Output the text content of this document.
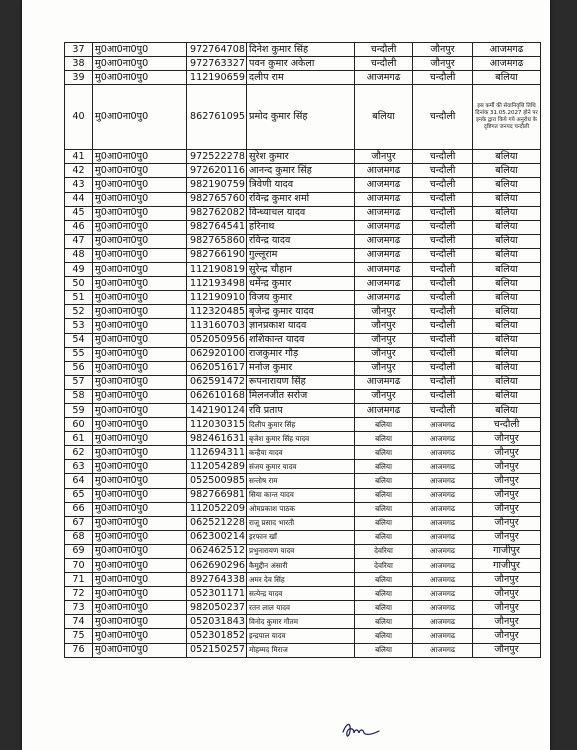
37	मु0आ0ना0पु0	972764708	दिनेश कुमार सिंह	चन्दौली	जौनपुर	आजमगढ
38	मु0आ0ना0पु0	972763327	पवन कुमार अकेला	चन्दौली	जौनपुर	आजमगढ
39	मु0आ0ना0पु0	112190659	दलीप राम	आजमगढ	चन्दौली	बलिया
40	मु0आ0ना0पु0	862761095	प्रमोद कुमार सिंह	बलिया	चन्दौली	इस कर्मी की सेवानिवृत्ति तिथि दिनांक 31.05.2027 होने पर इनके द्वारा किये गये अनुरोध के दृष्टिगत जनपद चन्दौली
41	मु0आ0ना0पु0	972522278	सुरेश कुमार	जौनपुर	चन्दौली	बलिया
42	मु0आ0ना0पु0	972620116	आनन्द कुमार सिंह	आजमगढ	चन्दौली	बलिया
43	मु0आ0ना0पु0	982190759	त्रिवेणी यादव	आजमगढ	चन्दौली	बलिया
44	मु0आ0ना0पु0	982765760	रविन्द्र कुमार शर्मा	आजमगढ	चन्दौली	बलिया
45	मु0आ0ना0पु0	982762082	विन्ध्याचल यादव	आजमगढ	चन्दौली	बलिया
46	मु0आ0ना0पु0	982764541	हरिनाथ	आजमगढ	चन्दौली	बलिया
47	मु0आ0ना0पु0	982765860	रविन्द्र यादव	आजमगढ	चन्दौली	बलिया
48	मु0आ0ना0पु0	982766190	गुल्लूराम	आजमगढ	चन्दौली	बलिया
49	मु0आ0ना0पु0	112190819	सुरेन्द्र चौहान	आजमगढ	चन्दौली	बलिया
50	मु0आ0ना0पु0	112193498	धर्मेन्द्र कुमार	आजमगढ	चन्दौली	बलिया
51	मु0आ0ना0पु0	112190910	विजय कुमार	आजमगढ	चन्दौली	बलिया
52	मु0आ0ना0पु0	112320485	बृजेन्द्र कुमार यादव	जौनपुर	चन्दौली	बलिया
53	मु0आ0ना0पु0	113160703	ज्ञानप्रकाश यादव	जौनपुर	चन्दौली	बलिया
54	मु0आ0ना0पु0	052050956	शशिकान्त यादव	जौनपुर	चन्दौली	बलिया
55	मु0आ0ना0पु0	062920100	राजकुमार गौड़	जौनपुर	चन्दौली	बलिया
56	मु0आ0ना0पु0	062051617	मनोज कुमार	जौनपुर	चन्दौली	बलिया
57	मु0आ0ना0पु0	062591472	रूपनारायण सिंह	आजमगढ	चन्दौली	बलिया
58	मु0आ0ना0पु0	062610168	मिलनजीत सरोज	जौनपुर	चन्दौली	बलिया
59	मु0आ0ना0पु0	142190124	रवि प्रताप	आजमगढ	चन्दौली	बलिया
60	मु0आ0ना0पु0	112030315	दिलीप कुमार सिंह	बलिया	आजमगढ	चन्दौली
61	मु0आ0ना0पु0	982461631	बृजेश कुमार सिंह यादव	बलिया	आजमगढ	जौनपुर
62	मु0आ0ना0पु0	112694311	कन्हैया यादव	बलिया	आजमगढ	जौनपुर
63	मु0आ0ना0पु0	112054289	संजय कुमार यादव	बलिया	आजमगढ	जौनपुर
64	मु0आ0ना0पु0	052500985	सन्तोष राम	बलिया	आजमगढ	जौनपुर
65	मु0आ0ना0पु0	982766981	सिया कान्त यादव	बलिया	आजमगढ	जौनपुर
66	मु0आ0ना0पु0	112052209	ओमप्रकाश पाठक	बलिया	आजमगढ	जौनपुर
67	मु0आ0ना0पु0	062521228	राजू प्रसाद भारती	बलिया	आजमगढ	जौनपुर
68	मु0आ0ना0पु0	062300214	इरफान खाँ	बलिया	आजमगढ	जौनपुर
69	मु0आ0ना0पु0	062462512	प्रभुनारायण यादव	देवरिया	आजमगढ	गाजीपुर
70	मु0आ0ना0पु0	062690296	कैमुद्दीन अंसारी	देवरिया	आजमगढ	गाजीपुर
71	मु0आ0ना0पु0	892764338	अमर देव सिंह	बलिया	आजमगढ	जौनपुर
72	मु0आ0ना0पु0	052301171	सत्येन्द्र यादव	बलिया	आजमगढ	जौनपुर
73	मु0आ0ना0पु0	982050237	रतन लाल यादव	बलिया	आजमगढ	जौनपुर
74	मु0आ0ना0पु0	052031843	विनोद कुमार गौतम	बलिया	आजमगढ	जौनपुर
75	मु0आ0ना0पु0	052301852	इन्द्रपाल यादव	बलिया	आजमगढ	जौनपुर
76	मु0आ0ना0पु0	052150257	मोहम्मद मिराज	बलिया	आजमगढ	जौनपुर
